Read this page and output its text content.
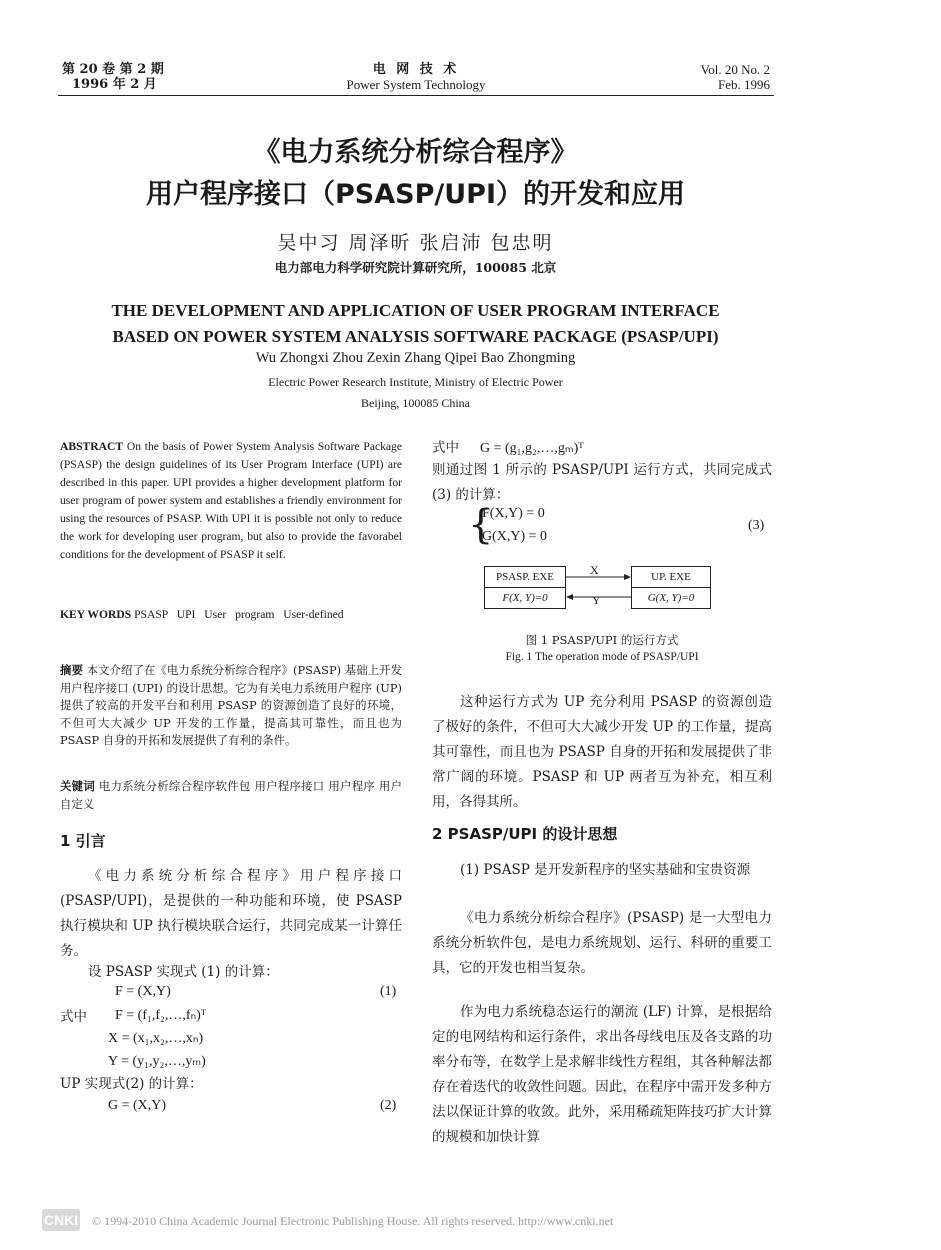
第 20 卷 第 2 期
1996 年 2 月
电 网 技 术
Power System Technology
Vol. 20 No. 2
Feb. 1996
《电力系统分析综合程序》
用户程序接口（PSASP/UPI）的开发和应用
吴中习 周泽昕 张启沛 包忠明
电力部电力科学研究院计算研究所，100085 北京
THE DEVELOPMENT AND APPLICATION OF USER PROGRAM INTERFACE
BASED ON POWER SYSTEM ANALYSIS SOFTWARE PACKAGE (PSASP/UPI)
Wu Zhongxi Zhou Zexin Zhang Qipei Bao Zhongming
Electric Power Research Institute, Ministry of Electric Power
Beijing, 100085 China
ABSTRACT On the basis of Power System Analysis Software Package (PSASP) the design guidelines of its User Program Interface (UPI) are described in this paper. UPI provides a higher development platform for user program of power system and establishes a friendly environment for using the resources of PSASP. With UPI it is possible not only to reduce the work for developing user program, but also to provide the favorabel conditions for the development of PSASP it self.
KEY WORDS PSASP UPI User program User-defined
摘要 本文介绍了在《电力系统分析综合程序》(PSASP) 基础上开发用户程序接口 (UPI) 的设计思想。它为有关电力系统用户程序 (UP) 提供了较高的开发平台和利用 PSASP 的资源创造了良好的环境，不但可大大减少 UP 开发的工作量，提高其可靠性，而且也为 PSASP 自身的开拓和发展提供了有利的条件。
关键词 电力系统分析综合程序软件包 用户程序接口 用户程序 用户自定义
1 引言
《电力系统分析综合程序》用户程序接口 (PSASP/UPI)，是提供的一种功能和环境，使 PSASP 执行模块和 UP 执行模块联合运行，共同完成某一计算任务。
设 PSASP 实现式 (1) 的计算：
F = (X,Y)	(1)
式中 F = (f₁,f₂,…,fₙ)ᵀ
X = (x₁,x₂,…,xₙ)
Y = (y₁,y₂,…,yₘ)
UP 实现式(2) 的计算：
G = (X,Y)	(2)
式中 G = (g₁,g₂,…,gₘ)ᵀ
则通过图 1 所示的 PSASP/UPI 运行方式，共同完成式(3) 的计算：
{
F(X,Y) = 0
G(X,Y) = 0
(3)
PSASP. EXE
F(X, Y)=0
UP. EXE
G(X, Y)=0
X
Y
图 1 PSASP/UPI 的运行方式
Fig. 1 The operation mode of PSASP/UPI
这种运行方式为 UP 充分利用 PSASP 的资源创造了极好的条件，不但可大大减少开发 UP 的工作量，提高其可靠性，而且也为 PSASP 自身的开拓和发展提供了非常广阔的环境。PSASP 和 UP 两者互为补充，相互利用，各得其所。
2 PSASP/UPI 的设计思想
(1) PSASP 是开发新程序的坚实基础和宝贵资源
《电力系统分析综合程序》(PSASP) 是一大型电力系统分析软件包，是电力系统规划、运行、科研的重要工具，它的开发也相当复杂。
作为电力系统稳态运行的潮流 (LF) 计算，是根据给定的电网结构和运行条件，求出各母线电压及各支路的功率分布等，在数学上是求解非线性方程组，其各种解法都存在着迭代的收敛性问题。因此，在程序中需开发多种方法以保证计算的收敛。此外，采用稀疏矩阵技巧扩大计算的规模和加快计算
CNKI © 1994-2010 China Academic Journal Electronic Publishing House. All rights reserved. http://www.cnki.net
